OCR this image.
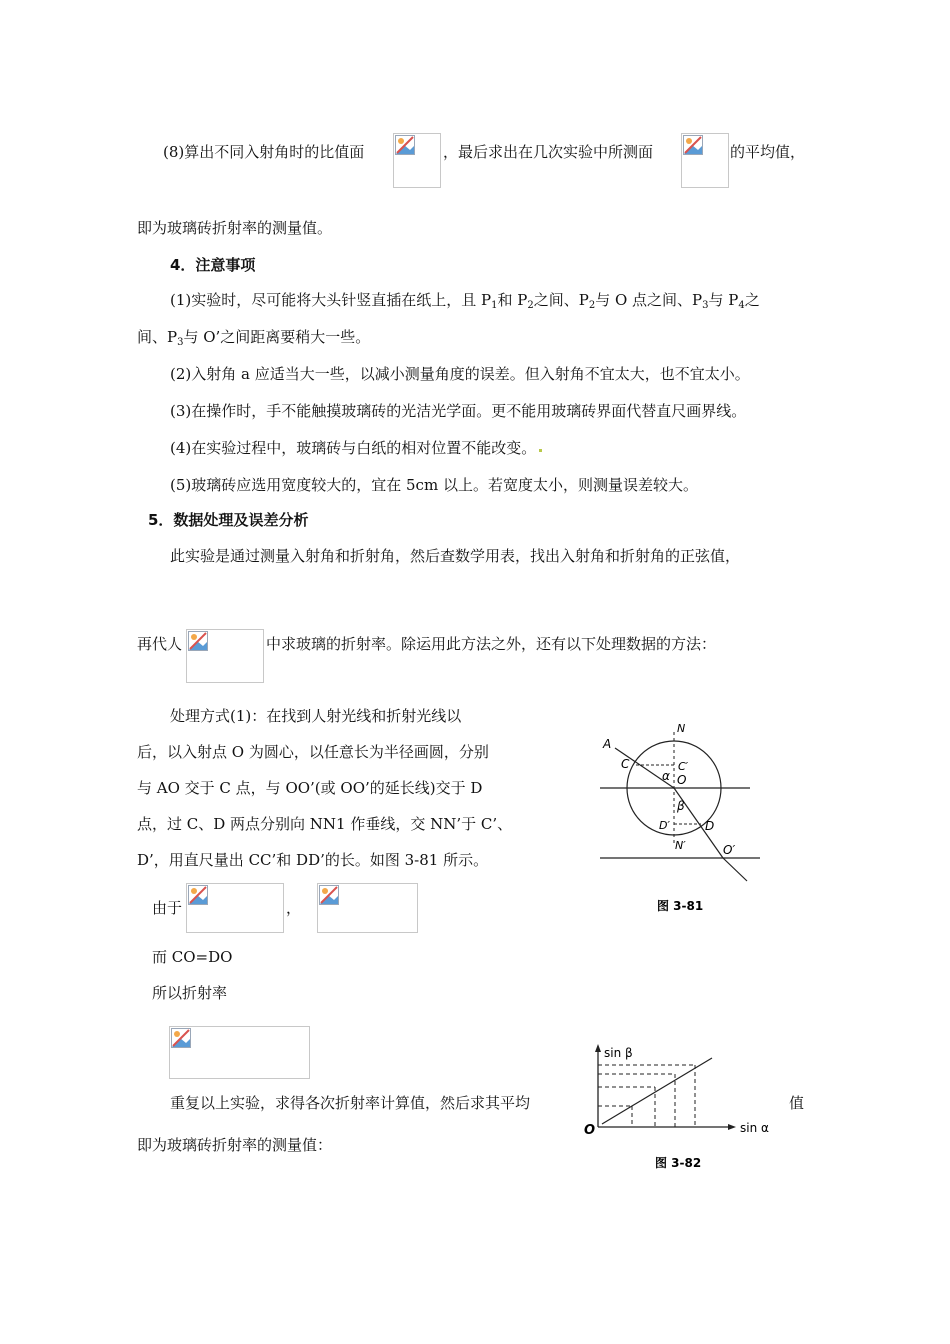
(8)算出不同入射角时的比值面	，最后求出在几次实验中所测面	的平均值，
即为玻璃砖折射率的测量值。
4．注意事项
(1)实验时，尽可能将大头针竖直插在纸上，且 $P_1$和 $P_2$之间、$P_2$与 O 点之间、$P_3$与 $P_4$之
间、$P_3$与 O’之间距离要稍大一些。
(2)入射角 a 应适当大一些，以减小测量角度的误差。但入射角不宜太大，也不宜太小。
(3)在操作时，手不能触摸玻璃砖的光洁光学面。更不能用玻璃砖界面代替直尺画界线。
(4)在实验过程中，玻璃砖与白纸的相对位置不能改变。
(5)玻璃砖应选用宽度较大的，宜在 5cm 以上。若宽度太小，则测量误差较大。
5．数据处理及误差分析
此实验是通过测量入射角和折射角，然后查数学用表，找出入射角和折射角的正弦值，
再代人	中求玻璃的折射率。除运用此方法之外，还有以下处理数据的方法：
处理方式(1)：在找到人射光线和折射光线以
后，以入射点 O 为圆心，以任意长为半径画圆，分别
与 AO 交于 C 点，与 OO’(或 OO’的延长线)交于 D
点，过 C、D 两点分别向 NN1 作垂线，交 NN’于 C’、
D’，用直尺量出 CC’和 DD’的长。如图 3-81 所示。
由于	，
而 CO=DO
所以折射率
重复以上实验，求得各次折射率计算值，然后求其平均	值
即为玻璃砖折射率的测量值：
N
A
C	C′
α O
β
D′	D
N′	O′
图 3-81
sin β
sin α
O
图 3-82
